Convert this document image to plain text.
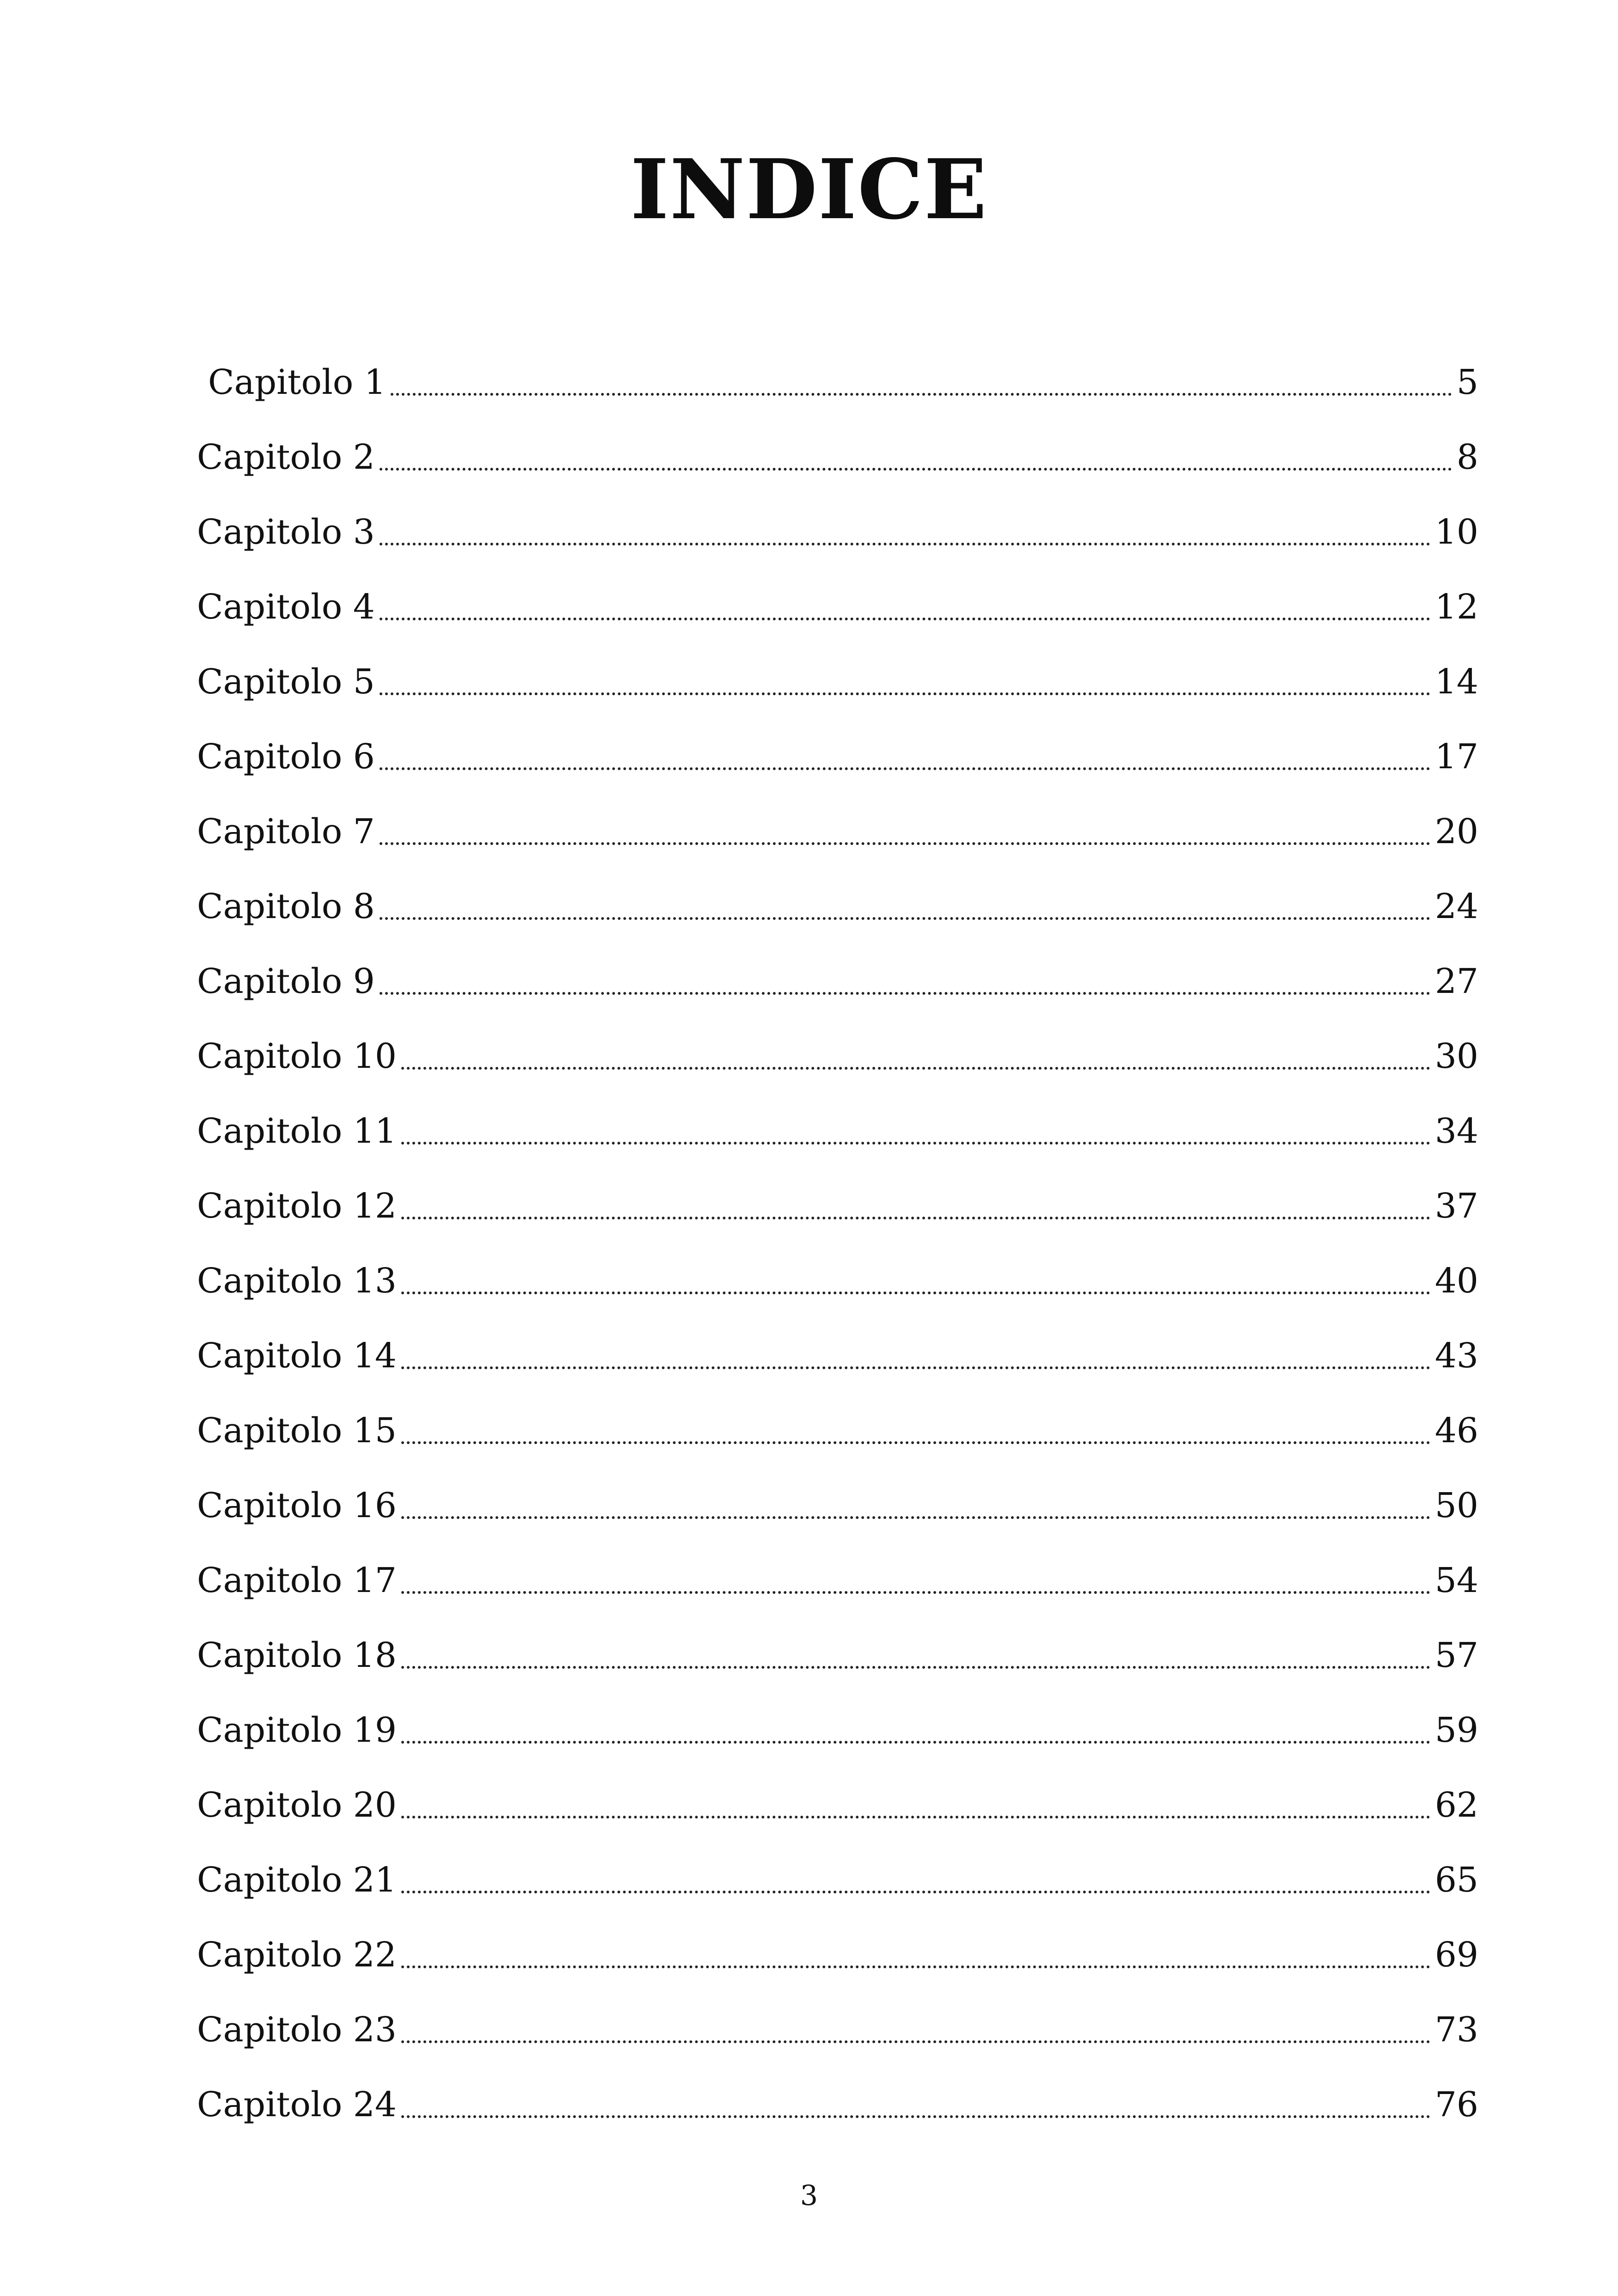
INDICE
Capitolo 1	5
Capitolo 2	8
Capitolo 3	10
Capitolo 4	12
Capitolo 5	14
Capitolo 6	17
Capitolo 7	20
Capitolo 8	24
Capitolo 9	27
Capitolo 10	30
Capitolo 11	34
Capitolo 12	37
Capitolo 13	40
Capitolo 14	43
Capitolo 15	46
Capitolo 16	50
Capitolo 17	54
Capitolo 18	57
Capitolo 19	59
Capitolo 20	62
Capitolo 21	65
Capitolo 22	69
Capitolo 23	73
Capitolo 24	76
3
